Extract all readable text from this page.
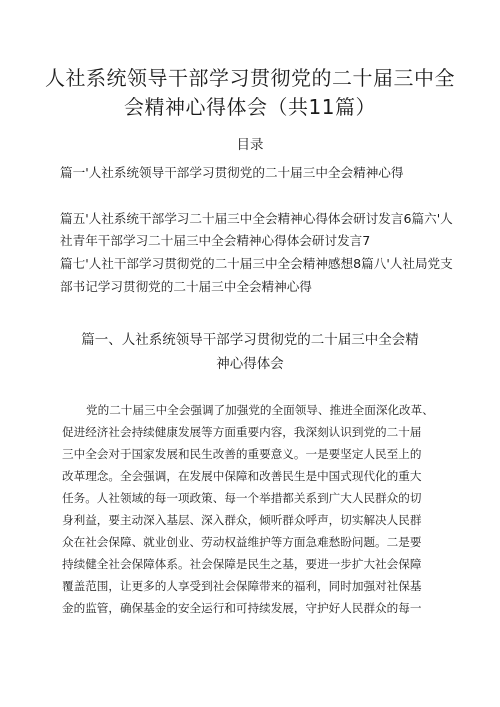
人社系统领导干部学习贯彻党的二十届三中全
会精神心得体会（共11篇）
目录
篇一'人社系统领导干部学习贯彻党的二十届三中全会精神心得
篇五'人社系统干部学习二十届三中全会精神心得体会研讨发言6篇六'人
社青年干部学习二十届三中全会精神心得体会研讨发言7
篇七'人社干部学习贯彻党的二十届三中全会精神感想8篇八'人社局党支
部书记学习贯彻党的二十届三中全会精神心得
篇一、人社系统领导干部学习贯彻党的二十届三中全会精
神心得体会
党的二十届三中全会强调了加强党的全面领导、推进全面深化改革、
促进经济社会持续健康发展等方面重要内容，我深刻认识到党的二十届
三中全会对于国家发展和民生改善的重要意义。一是要坚定人民至上的
改革理念。全会强调，在发展中保障和改善民生是中国式现代化的重大
任务。人社领域的每一项政策、每一个举措都关系到广大人民群众的切
身利益，要主动深入基层、深入群众，倾听群众呼声，切实解决人民群
众在社会保障、就业创业、劳动权益维护等方面急难愁盼问题。二是要
持续健全社会保障体系。社会保障是民生之基，要进一步扩大社会保障
覆盖范围，让更多的人享受到社会保障带来的福利，同时加强对社保基
金的监管，确保基金的安全运行和可持续发展，守护好人民群众的每一
